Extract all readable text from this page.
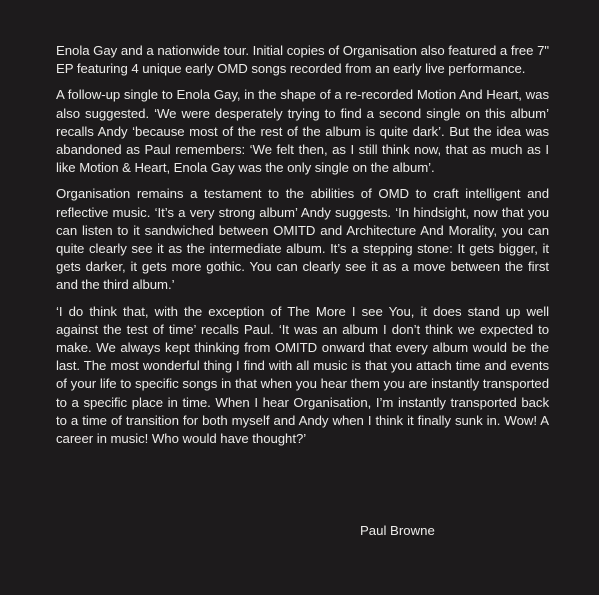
Enola Gay and a nationwide tour. Initial copies of Organisation also featured a free 7" EP featuring 4 unique early OMD songs recorded from an early live performance.

A follow-up single to Enola Gay, in the shape of a re-recorded Motion And Heart, was also suggested. ‘We were desperately trying to find a second single on this album’ recalls Andy ‘because most of the rest of the album is quite dark’. But the idea was abandoned as Paul remembers: ‘We felt then, as I still think now, that as much as I like Motion & Heart, Enola Gay was the only single on the album’.

Organisation remains a testament to the abilities of OMD to craft intelligent and reflective music. ‘It’s a very strong album’ Andy suggests. ‘In hindsight, now that you can listen to it sandwiched between OMITD and Architecture And Morality, you can quite clearly see it as the intermediate album. It’s a stepping stone: It gets bigger, it gets darker, it gets more gothic. You can clearly see it as a move between the first and the third album.’

‘I do think that, with the exception of The More I see You, it does stand up well against the test of time’ recalls Paul. ‘It was an album I don’t think we expected to make. We always kept thinking from OMITD onward that every album would be the last. The most wonderful thing I find with all music is that you attach time and events of your life to specific songs in that when you hear them you are instantly transported to a specific place in time. When I hear Organisation, I’m instantly transported back to a time of transition for both myself and Andy when I think it finally sunk in. Wow! A career in music! Who would have thought?’

Paul Browne
